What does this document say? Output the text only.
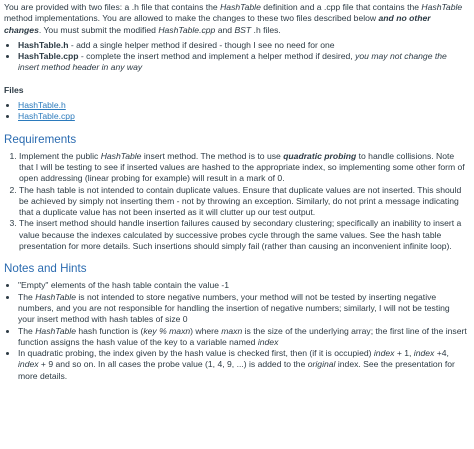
You are provided with two files: a .h file that contains the HashTable definition and a .cpp file that contains the HashTable method implementations. You are allowed to make the changes to these two files described below and no other changes. You must submit the modified HashTable.cpp and BST .h files.

• HashTable.h - add a single helper method if desired - though I see no need for one
• HashTable.cpp - complete the insert method and implement a helper method if desired, you may not change the insert method header in any way

Files

• HashTable.h
• HashTable.cpp
Requirements
1. Implement the public HashTable insert method. The method is to use quadratic probing to handle collisions. Note that I will be testing to see if inserted values are hashed to the appropriate index, so implementing some other form of open addressing (linear probing for example) will result in a mark of 0.
2. The hash table is not intended to contain duplicate values. Ensure that duplicate values are not inserted. This should be achieved by simply not inserting them - not by throwing an exception. Similarly, do not print a message indicating that a duplicate value has not been inserted as it will clutter up our test output.
3. The insert method should handle insertion failures caused by secondary clustering; specifically an inability to insert a value because the indexes calculated by successive probes cycle through the same values. See the hash table presentation for more details. Such insertions should simply fail (rather than causing an inconvenient infinite loop).
Notes and Hints
• "Empty" elements of the hash table contain the value -1
• The HashTable is not intended to store negative numbers, your method will not be tested by inserting negative numbers, and you are not responsible for handling the insertion of negative numbers; similarly, I will not be testing your insert method with hash tables of size 0
• The HashTable hash function is (key % maxn) where maxn is the size of the underlying array; the first line of the insert function assigns the hash value of the key to a variable named index
• In quadratic probing, the index given by the hash value is checked first, then (if it is occupied) index + 1, index +4, index + 9 and so on. In all cases the probe value (1, 4, 9, ...) is added to the original index. See the presentation for more details.
